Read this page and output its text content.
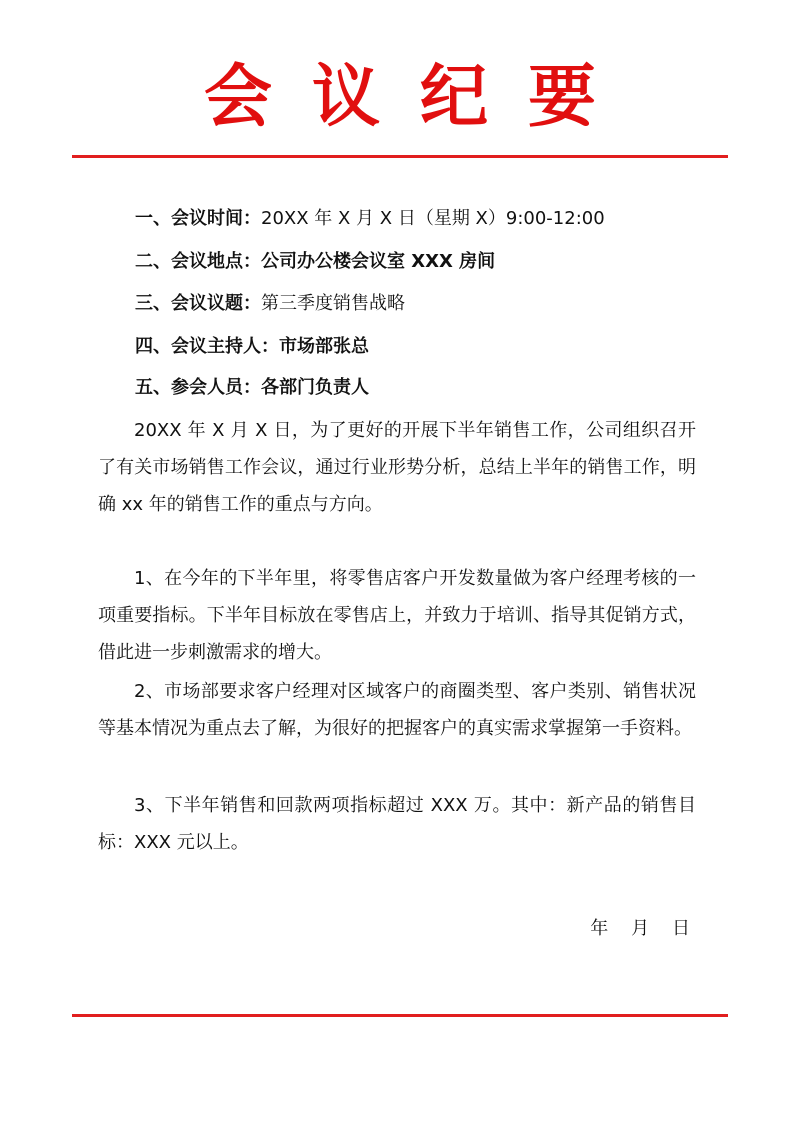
会议纪要
一、会议时间：20XX 年 X 月 X 日（星期 X）9:00-12:00
二、会议地点：公司办公楼会议室 XXX 房间
三、会议议题：第三季度销售战略
四、会议主持人：市场部张总
五、参会人员：各部门负责人

20XX 年 X 月 X 日，为了更好的开展下半年销售工作，公司组织召开了有关市场销售工作会议，通过行业形势分析，总结上半年的销售工作，明确 xx 年的销售工作的重点与方向。

1、在今年的下半年里，将零售店客户开发数量做为客户经理考核的一项重要指标。下半年目标放在零售店上，并致力于培训、指导其促销方式，借此进一步刺激需求的增大。

2、市场部要求客户经理对区域客户的商圈类型、客户类别、销售状况等基本情况为重点去了解，为很好的把握客户的真实需求掌握第一手资料。

3、下半年销售和回款两项指标超过 XXX 万。其中：新产品的销售目标：XXX 元以上。

年    月    日
